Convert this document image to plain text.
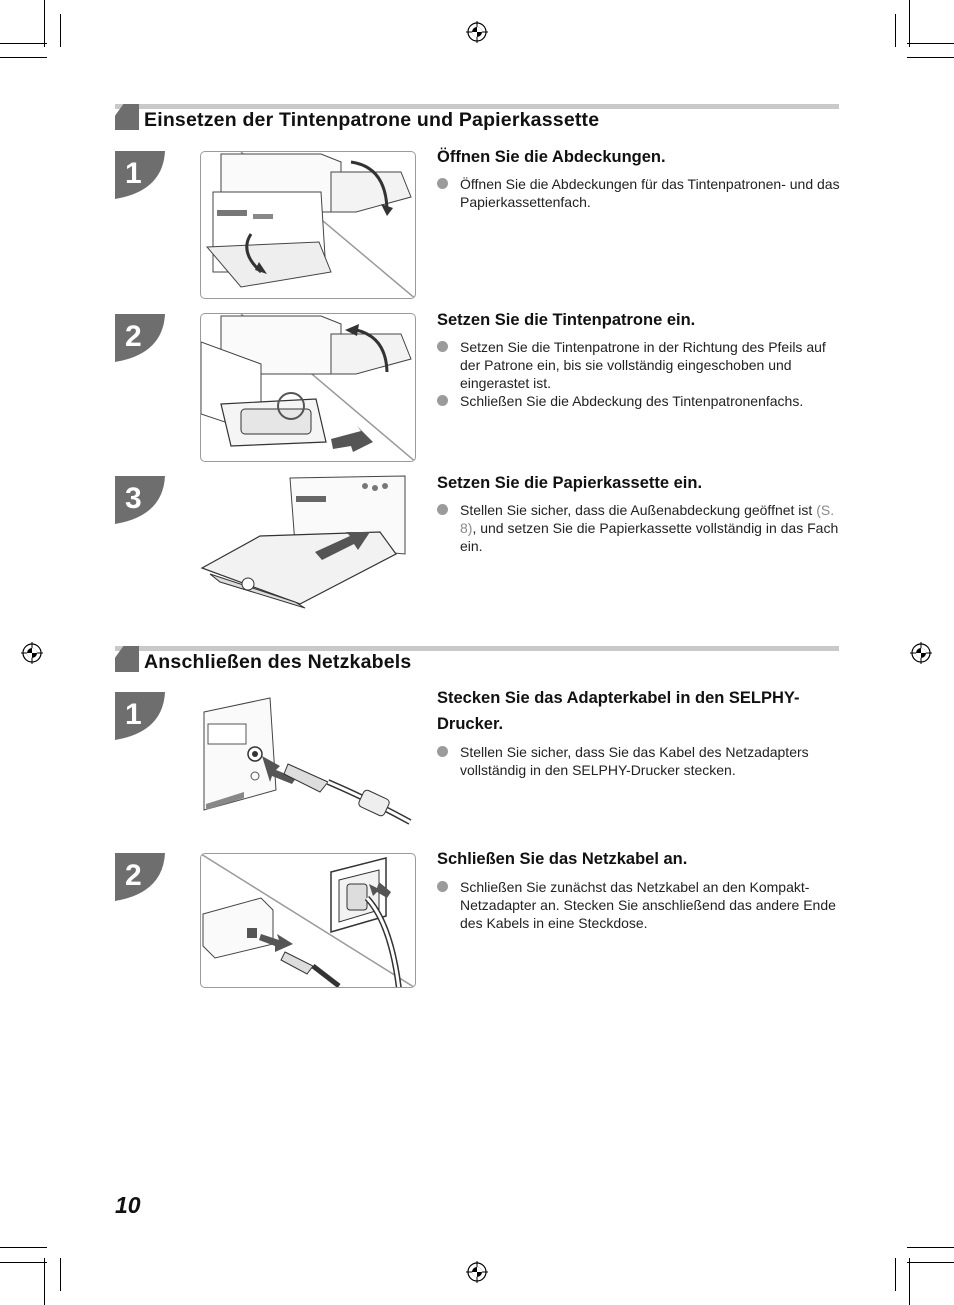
Einsetzen der Tintenpatrone und Papierkassette
1	Öffnen Sie die Abdeckungen.
Öffnen Sie die Abdeckungen für das Tintenpatronen- und das Papierkassettenfach.
2	Setzen Sie die Tintenpatrone ein.
Setzen Sie die Tintenpatrone in der Richtung des Pfeils auf der Patrone ein, bis sie vollständig eingeschoben und eingerastet ist.
Schließen Sie die Abdeckung des Tintenpatronenfachs.
3	Setzen Sie die Papierkassette ein.
Stellen Sie sicher, dass die Außenabdeckung geöffnet ist (S. 8), und setzen Sie die Papierkassette vollständig in das Fach ein.
Anschließen des Netzkabels
1	Stecken Sie das Adapterkabel in den SELPHY-Drucker.
Stellen Sie sicher, dass Sie das Kabel des Netzadapters vollständig in den SELPHY-Drucker stecken.
2	Schließen Sie das Netzkabel an.
Schließen Sie zunächst das Netzkabel an den Kompakt-Netzadapter an. Stecken Sie anschließend das andere Ende des Kabels in eine Steckdose.
10
